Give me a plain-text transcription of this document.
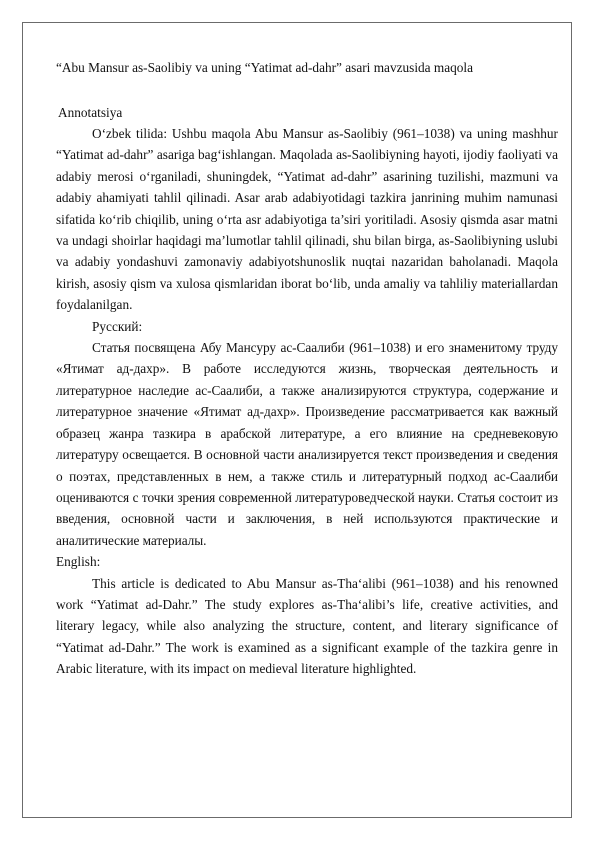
“Abu Mansur as-Saolibiy va uning “Yatimat ad-dahr” asari mavzusida maqola

Annotatsiya

O‘zbek tilida: Ushbu maqola Abu Mansur as-Saolibiy (961–1038) va uning mashhur “Yatimat ad-dahr” asariga bag‘ishlangan. Maqolada as-Saolibiyning hayoti, ijodiy faoliyati va adabiy merosi o‘rganiladi, shuningdek, “Yatimat ad-dahr” asarining tuzilishi, mazmuni va adabiy ahamiyati tahlil qilinadi. Asar arab adabiyotidagi tazkira janrining muhim namunasi sifatida ko‘rib chiqilib, uning o‘rta asr adabiyotiga ta’siri yoritiladi. Asosiy qismda asar matni va undagi shoirlar haqidagi ma’lumotlar tahlil qilinadi, shu bilan birga, as-Saolibiyning uslubi va adabiy yondashuvi zamonaviy adabiyotshunoslik nuqtai nazaridan baholanadi. Maqola kirish, asosiy qism va xulosa qismlaridan iborat bo‘lib, unda amaliy va tahliliy materiallardan foydalanilgan.

Русский:

Статья посвящена Абу Мансуру ас-Саалиби (961–1038) и его знаменитому труду «Ятимат ад-дахр». В работе исследуются жизнь, творческая деятельность и литературное наследие ас-Саалиби, а также анализируются структура, содержание и литературное значение «Ятимат ад-дахр». Произведение рассматривается как важный образец жанра тазкира в арабской литературе, а его влияние на средневековую литературу освещается. В основной части анализируется текст произведения и сведения о поэтах, представленных в нем, а также стиль и литературный подход ас-Саалиби оцениваются с точки зрения современной литературоведческой науки. Статья состоит из введения, основной части и заключения, в ней используются практические и аналитические материалы.

English:

This article is dedicated to Abu Mansur as-Tha‘alibi (961–1038) and his renowned work “Yatimat ad-Dahr.” The study explores as-Tha‘alibi’s life, creative activities, and literary legacy, while also analyzing the structure, content, and literary significance of “Yatimat ad-Dahr.” The work is examined as a significant example of the tazkira genre in Arabic literature, with its impact on medieval literature highlighted.
